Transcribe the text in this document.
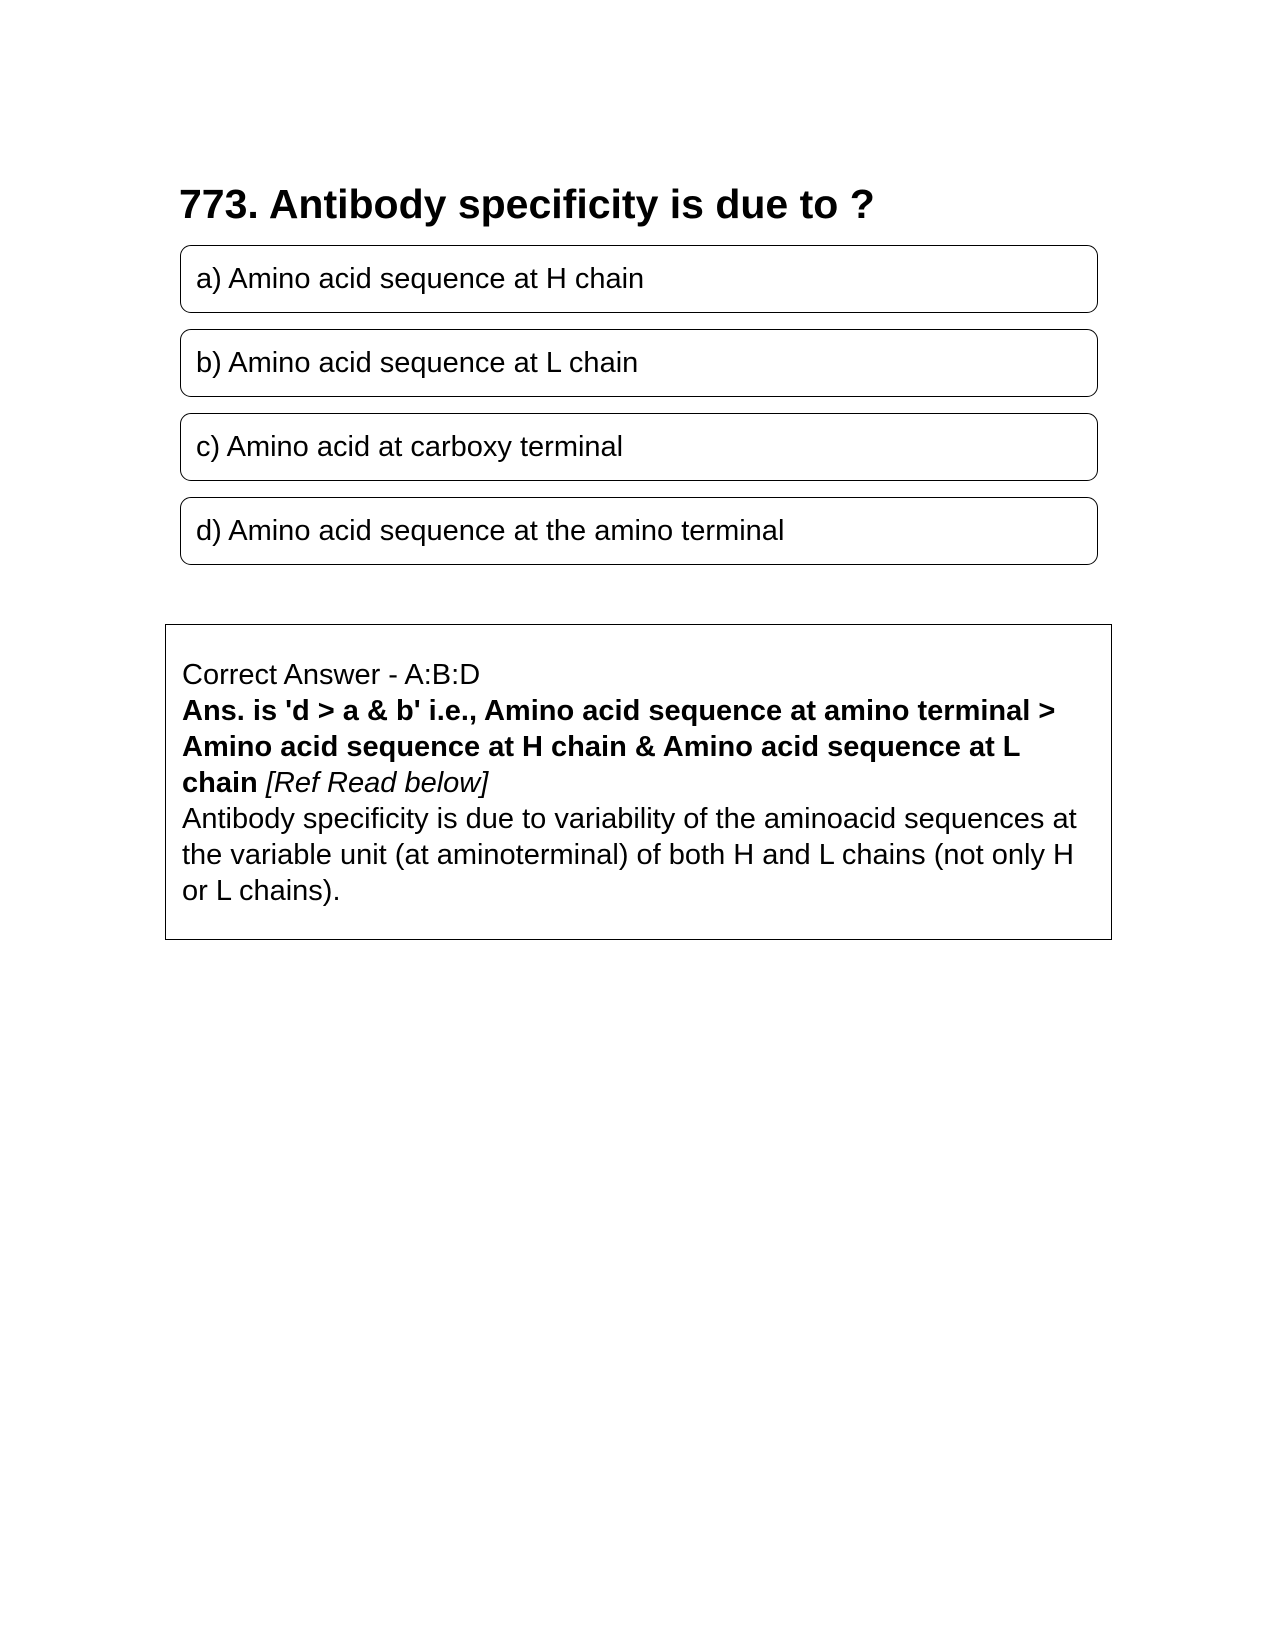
773. Antibody specificity is due to ?
a) Amino acid sequence at H chain
b) Amino acid sequence at L chain
c) Amino acid at carboxy terminal
d) Amino acid sequence at the amino terminal

Correct Answer - A:B:D

Ans. is 'd > a & b' i.e., Amino acid sequence at amino terminal > Amino acid sequence at H chain & Amino acid sequence at L chain [Ref Read below]

Antibody specificity is due to variability of the aminoacid sequences at the variable unit (at aminoterminal) of both H and L chains (not only H or L chains).
